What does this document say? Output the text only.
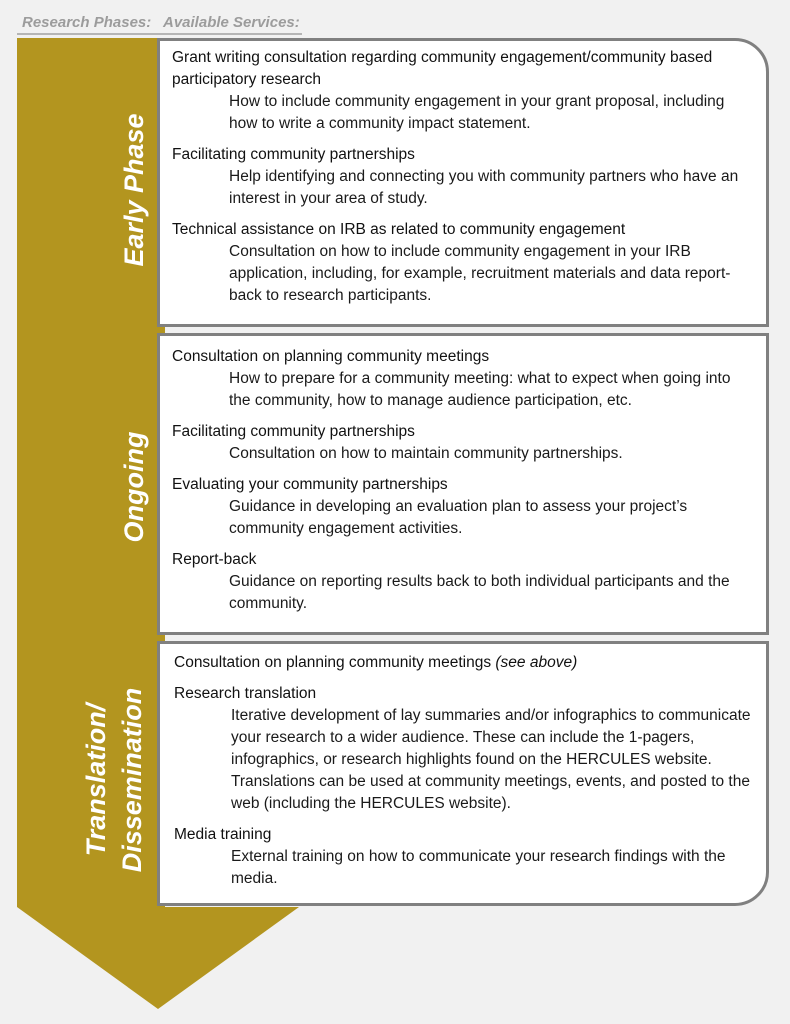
Research Phases: Available Services:
Early Phase
Ongoing
Translation/ Dissemination
Grant writing consultation regarding community engagement/community based participatory research
How to include community engagement in your grant proposal, including how to write a community impact statement.
Facilitating community partnerships
Help identifying and connecting you with community partners who have an interest in your area of study.
Technical assistance on IRB as related to community engagement
Consultation on how to include community engagement in your IRB application, including, for example, recruitment materials and data report-back to research participants.
Consultation on planning community meetings
How to prepare for a community meeting: what to expect when going into the community, how to manage audience participation, etc.
Facilitating community partnerships
Consultation on how to maintain community partnerships.
Evaluating your community partnerships
Guidance in developing an evaluation plan to assess your project’s community engagement activities.
Report-back
Guidance on reporting results back to both individual participants and the community.
Consultation on planning community meetings (see above)
Research translation
Iterative development of lay summaries and/or infographics to communicate your research to a wider audience. These can include the 1-pagers, infographics, or research highlights found on the HERCULES website. Translations can be used at community meetings, events, and posted to the web (including the HERCULES website).
Media training
External training on how to communicate your research findings with the media.
